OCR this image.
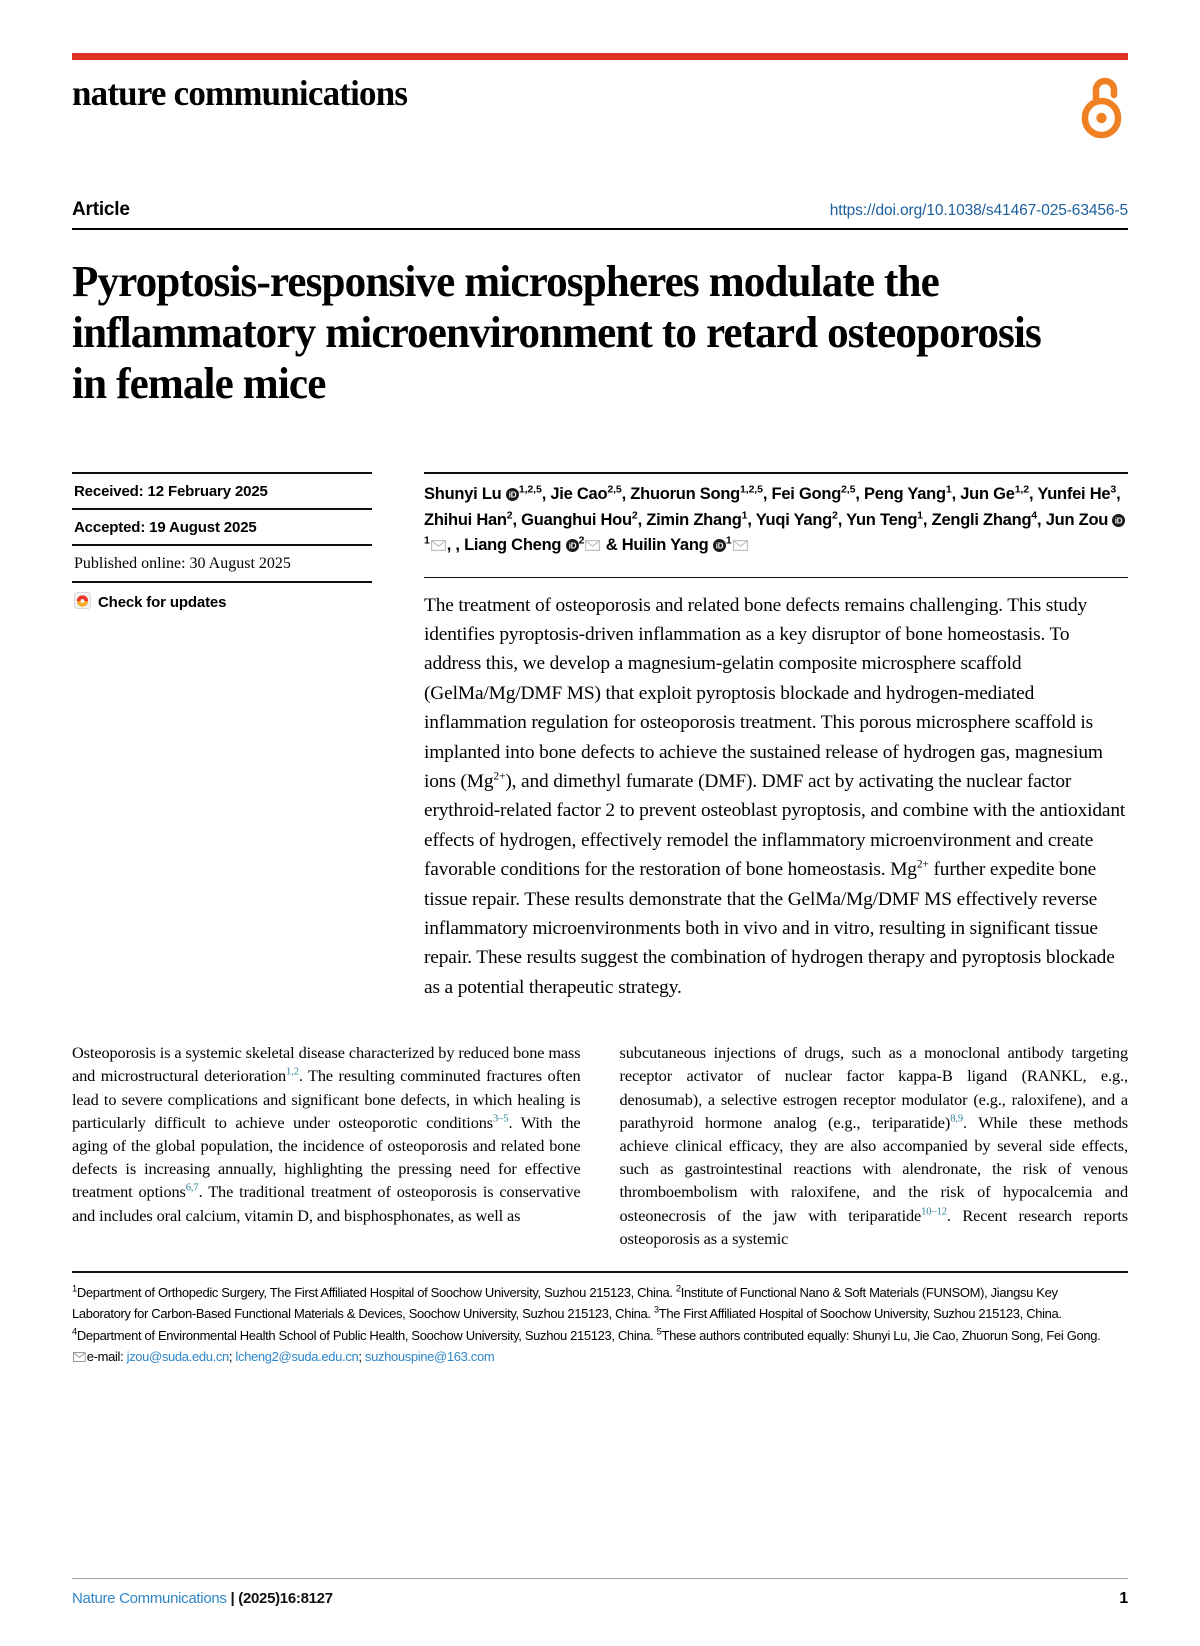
nature communications
Article	https://doi.org/10.1038/s41467-025-63456-5
Pyroptosis-responsive microspheres modulate the inflammatory microenvironment to retard osteoporosis in female mice
Received: 12 February 2025
Accepted: 19 August 2025
Published online: 30 August 2025
Check for updates
Shunyi Lu iD $^{1,2,5}$, Jie Cao$^{2,5}$, Zhuorun Song$^{1,2,5}$, Fei Gong$^{2,5}$, Peng Yang$^1$, Jun Ge$^{1,2}$, Yunfei He$^3$, Zhihui Han$^2$, Guanghui Hou$^2$, Zimin Zhang$^1$, Yuqi Yang$^2$, Yun Teng$^1$, Zengli Zhang$^4$, Jun Zou iD
$^1$ , , Liang Cheng iD $^2$ & Huilin Yang iD $^1$
The treatment of osteoporosis and related bone defects remains challenging. This study identifies pyroptosis-driven inflammation as a key disruptor of bone homeostasis. To address this, we develop a magnesium-gelatin composite microsphere scaffold (GelMa/Mg/DMF MS) that exploit pyroptosis blockade and hydrogen-mediated inflammation regulation for osteoporosis treatment. This porous microsphere scaffold is implanted into bone defects to achieve the sustained release of hydrogen gas, magnesium ions $(Mg^{2+})$, and dimethyl fumarate (DMF). DMF act by activating the nuclear factor erythroid-related factor 2 to prevent osteoblast pyroptosis, and combine with the antioxidant effects of hydrogen, effectively remodel the inflammatory microenvironment and create favorable conditions for the restoration of bone homeostasis. $Mg^{2+}$ further expedite bone tissue repair. These results demonstrate that the GelMa/Mg/DMF MS effectively reverse inflammatory microenvironments both in vivo and in vitro, resulting in significant tissue repair. These results suggest the combination of hydrogen therapy and pyroptosis blockade as a potential therapeutic strategy.

Osteoporosis is a systemic skeletal disease characterized by reduced bone mass and microstructural deterioration$^{1,2}$. The resulting comminuted fractures often lead to severe complications and significant bone defects, in which healing is particularly difficult to achieve under osteoporotic conditions$^{3-5}$. With the aging of the global population, the incidence of osteoporosis and related bone defects is increasing annually, highlighting the pressing need for effective treatment options$^{6,7}$. The traditional treatment of osteoporosis is conservative and includes oral calcium, vitamin D, and bisphosphonates, as well as

subcutaneous injections of drugs, such as a monoclonal antibody targeting receptor activator of nuclear factor kappa-B ligand (RANKL, e.g., denosumab), a selective estrogen receptor modulator (e.g., raloxifene), and a parathyroid hormone analog (e.g., teriparatide)$^{8,9}$. While these methods achieve clinical efficacy, they are also accompanied by several side effects, such as gastrointestinal reactions with alendronate, the risk of venous thromboembolism with raloxifene, and the risk of hypocalcemia and osteonecrosis of the jaw with teriparatide$^{10-12}$. Recent research reports osteoporosis as a systemic

$^1$Department of Orthopedic Surgery, The First Affiliated Hospital of Soochow University, Suzhou 215123, China. $^2$Institute of Functional Nano & Soft Materials (FUNSOM), Jiangsu Key Laboratory for Carbon-Based Functional Materials & Devices, Soochow University, Suzhou 215123, China. $^3$The First Affiliated Hospital of Soochow University, Suzhou 215123, China. $^4$Department of Environmental Health School of Public Health, Soochow University, Suzhou 215123, China. $^5$These authors contributed equally: Shunyi Lu, Jie Cao, Zhuorun Song, Fei Gong. e-mail: jzou@suda.edu.cn; lcheng2@suda.edu.cn; suzhouspine@163.com
Nature Communications | (2025)16:8127	1
